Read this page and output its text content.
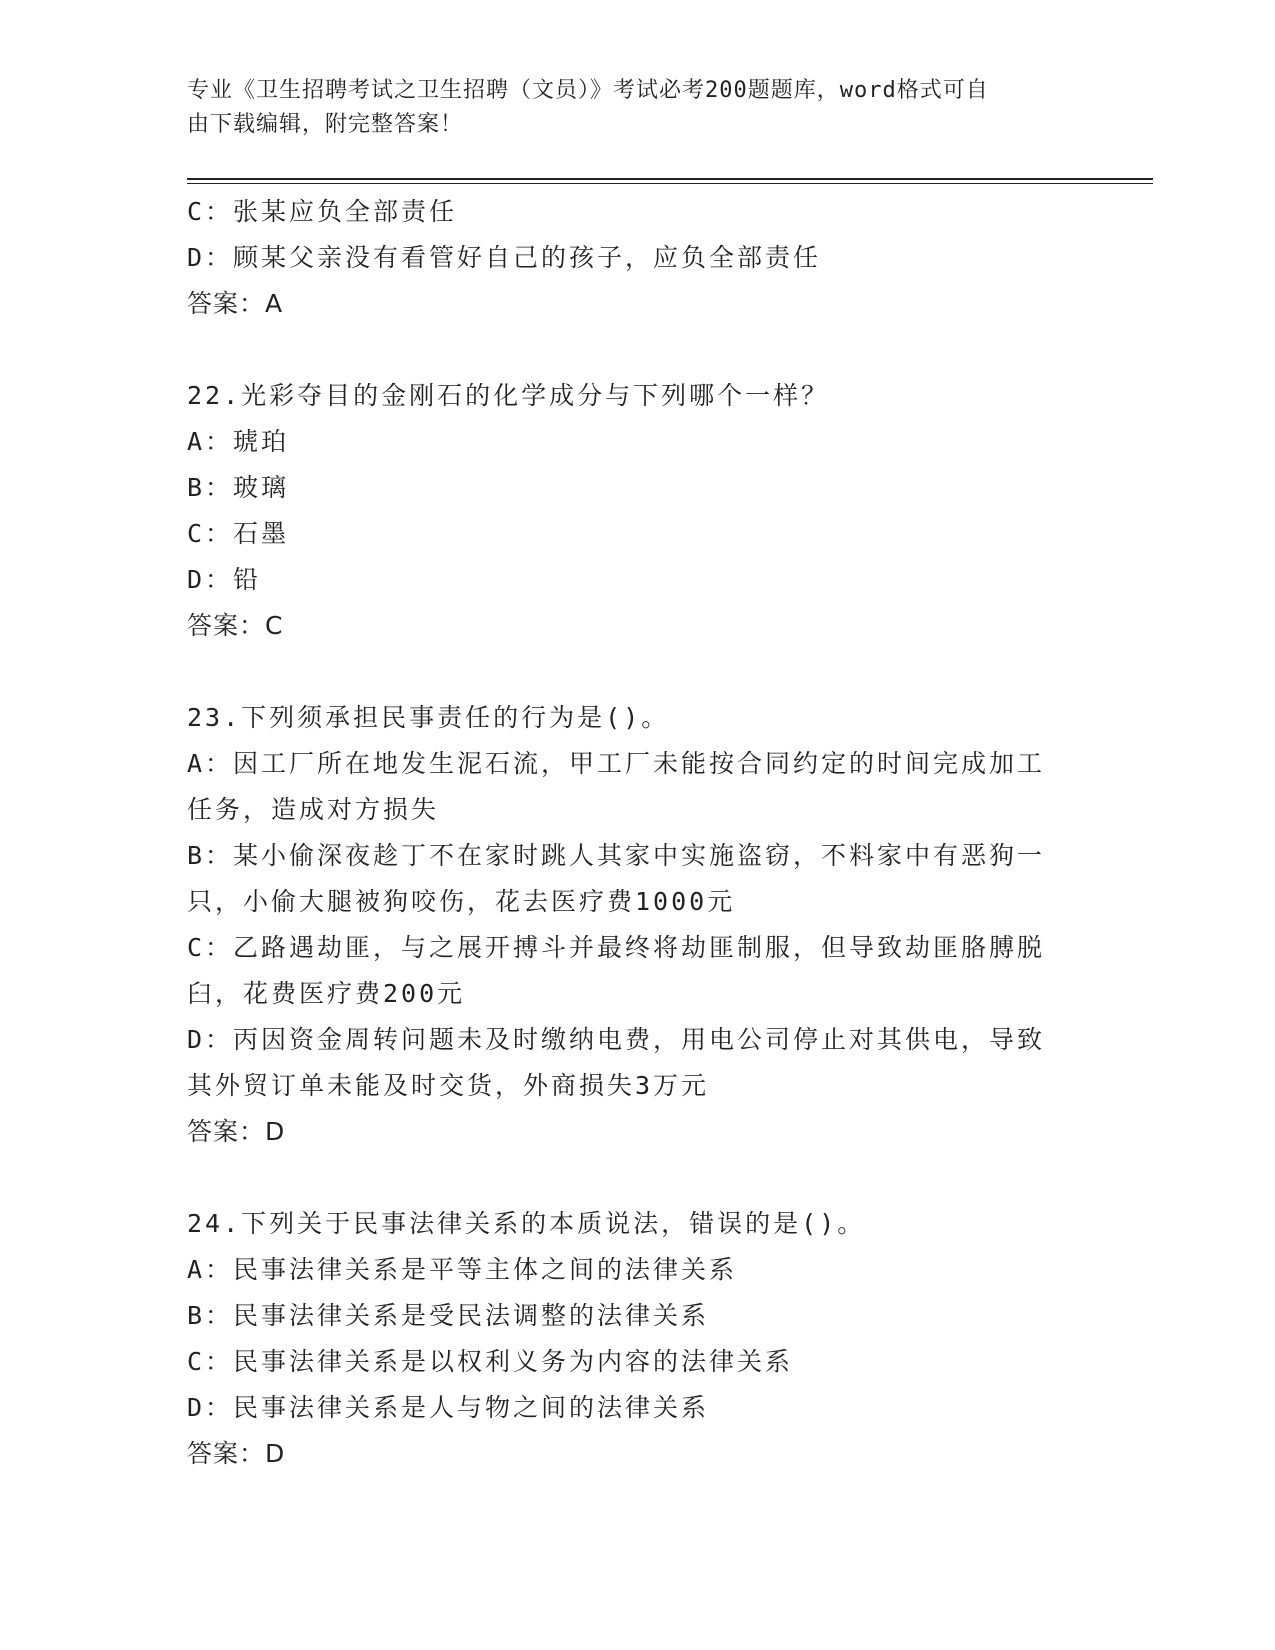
专业《卫生招聘考试之卫生招聘（文员）》考试必考200题题库，word格式可自
由下载编辑，附完整答案！

C：张某应负全部责任

D：顾某父亲没有看管好自己的孩子，应负全部责任

答案：A

22.光彩夺目的金刚石的化学成分与下列哪个一样？

A：琥珀

B：玻璃

C：石墨

D：铅

答案：C

23.下列须承担民事责任的行为是()。

A：因工厂所在地发生泥石流，甲工厂未能按合同约定的时间完成加工

任务，造成对方损失

B：某小偷深夜趁丁不在家时跳人其家中实施盗窃，不料家中有恶狗一

只，小偷大腿被狗咬伤，花去医疗费1000元

C：乙路遇劫匪，与之展开搏斗并最终将劫匪制服，但导致劫匪胳膊脱

臼，花费医疗费200元

D：丙因资金周转问题未及时缴纳电费，用电公司停止对其供电，导致

其外贸订单未能及时交货，外商损失3万元

答案：D

24.下列关于民事法律关系的本质说法，错误的是()。

A：民事法律关系是平等主体之间的法律关系

B：民事法律关系是受民法调整的法律关系

C：民事法律关系是以权利义务为内容的法律关系

D：民事法律关系是人与物之间的法律关系

答案：D
